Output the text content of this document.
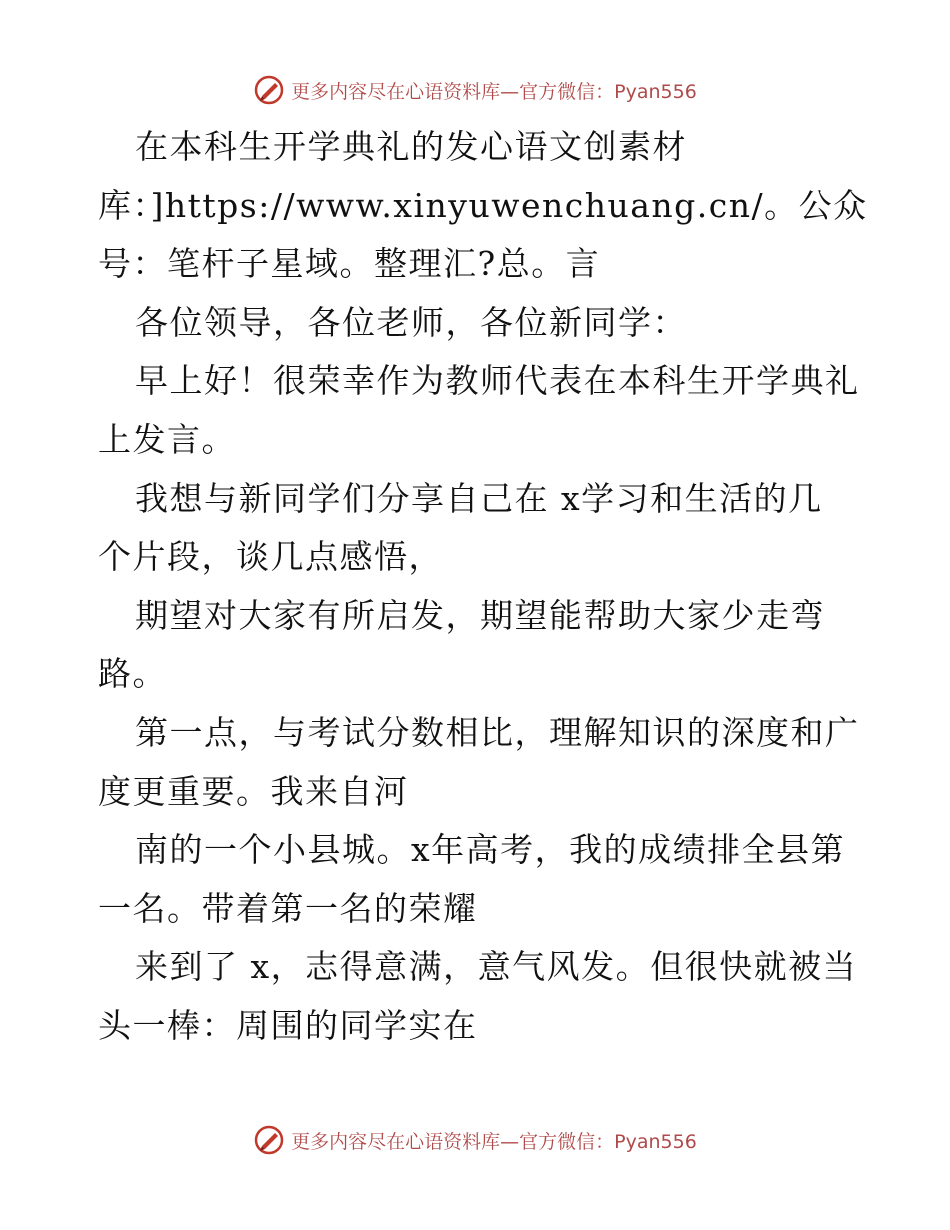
更多内容尽在心语资料库—官方微信：Pyan556
在本科生开学典礼的发心语文创素材
库：]https://www.xinyuwenchuang.cn/。公众
号：笔杆子星域。整理汇?总。言
各位领导，各位老师，各位新同学：
早上好！很荣幸作为教师代表在本科生开学典礼
上发言。
我想与新同学们分享自己在 x学习和生活的几
个片段，谈几点感悟，
期望对大家有所启发，期望能帮助大家少走弯
路。
第一点，与考试分数相比，理解知识的深度和广
度更重要。我来自河
南的一个小县城。x年高考，我的成绩排全县第
一名。带着第一名的荣耀
来到了 x，志得意满，意气风发。但很快就被当
头一棒：周围的同学实在
更多内容尽在心语资料库—官方微信：Pyan556
